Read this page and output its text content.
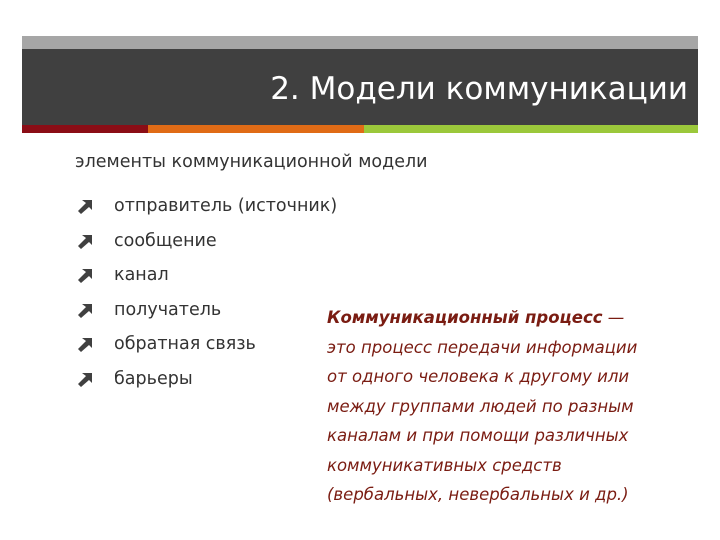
2. Модели коммуникации
элементы коммуникационной модели
отправитель (источник)
сообщение
канал
получатель
обратная связь
барьеры
Коммуникационный процесс —
это процесс передачи информации
от одного человека к другому или
между группами людей по разным
каналам и при помощи различных
коммуникативных средств
(вербальных, невербальных и др.)
